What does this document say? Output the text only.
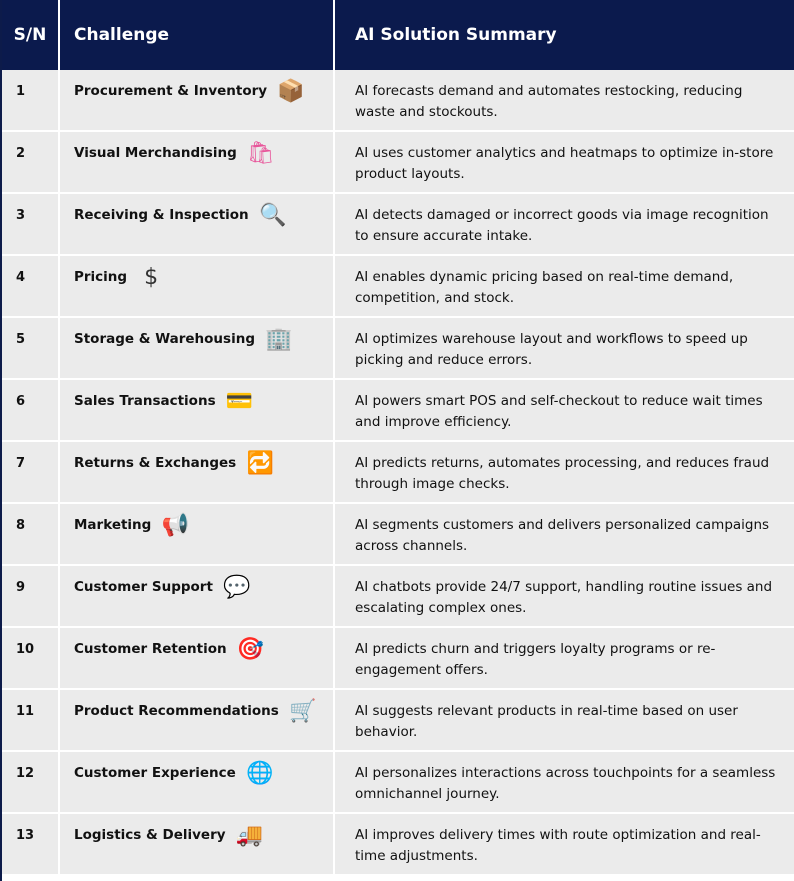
S/N	Challenge	AI Solution Summary
1	Procurement & Inventory 📦	AI forecasts demand and automates restocking, reducing waste and stockouts.
2	Visual Merchandising 🛍	AI uses customer analytics and heatmaps to optimize in-store product layouts.
3	Receiving & Inspection 🔍	AI detects damaged or incorrect goods via image recognition to ensure accurate intake.
4	Pricing $	AI enables dynamic pricing based on real-time demand, competition, and stock.
5	Storage & Warehousing 🏢	AI optimizes warehouse layout and workflows to speed up picking and reduce errors.
6	Sales Transactions 💳	AI powers smart POS and self-checkout to reduce wait times and improve efficiency.
7	Returns & Exchanges 🔁	AI predicts returns, automates processing, and reduces fraud through image checks.
8	Marketing 📢	AI segments customers and delivers personalized campaigns across channels.
9	Customer Support 💬	AI chatbots provide 24/7 support, handling routine issues and escalating complex ones.
10	Customer Retention 🎯	AI predicts churn and triggers loyalty programs or re-engagement offers.
11	Product Recommendations 🛒	AI suggests relevant products in real-time based on user behavior.
12	Customer Experience 🌐	AI personalizes interactions across touchpoints for a seamless omnichannel journey.
13	Logistics & Delivery 🚚	AI improves delivery times with route optimization and real-time adjustments.
